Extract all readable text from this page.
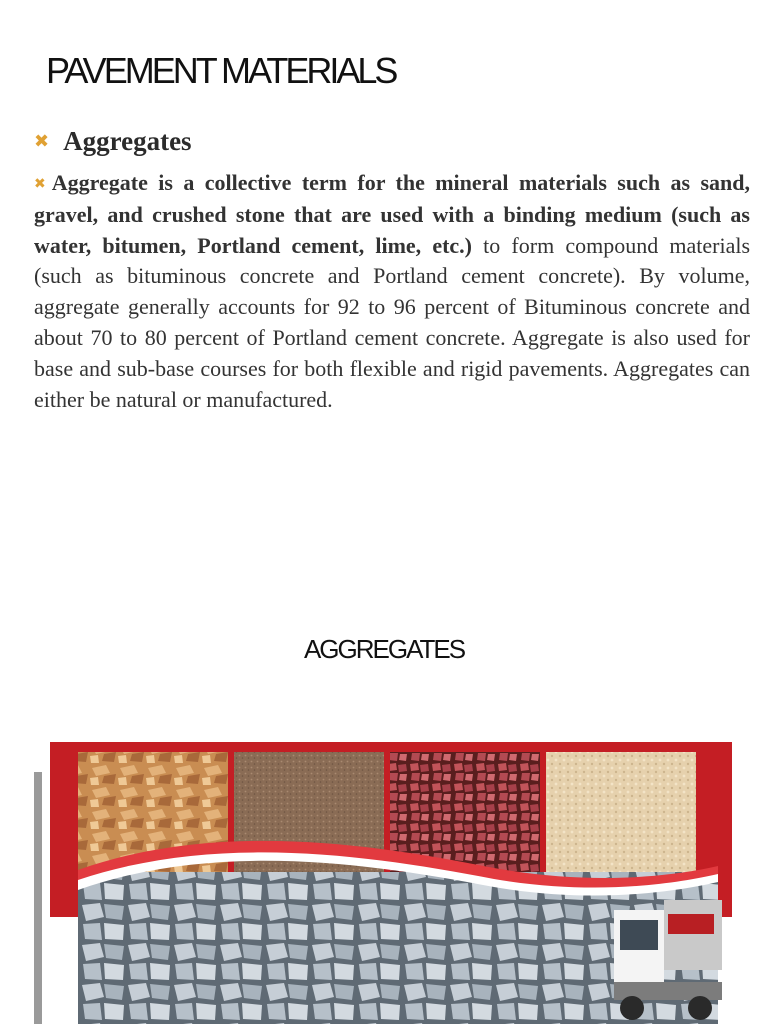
PAVEMENT MATERIALS
✖ Aggregates
✖ Aggregate is a collective term for the mineral materials such as sand, gravel, and crushed stone that are used with a binding medium (such as water, bitumen, Portland cement, lime, etc.) to form compound materials (such as bituminous concrete and Portland cement concrete). By volume, aggregate generally accounts for 92 to 96 percent of Bituminous concrete and about 70 to 80 percent of Portland cement concrete. Aggregate is also used for base and sub-base courses for both flexible and rigid pavements. Aggregates can either be natural or manufactured.
AGGREGATES
